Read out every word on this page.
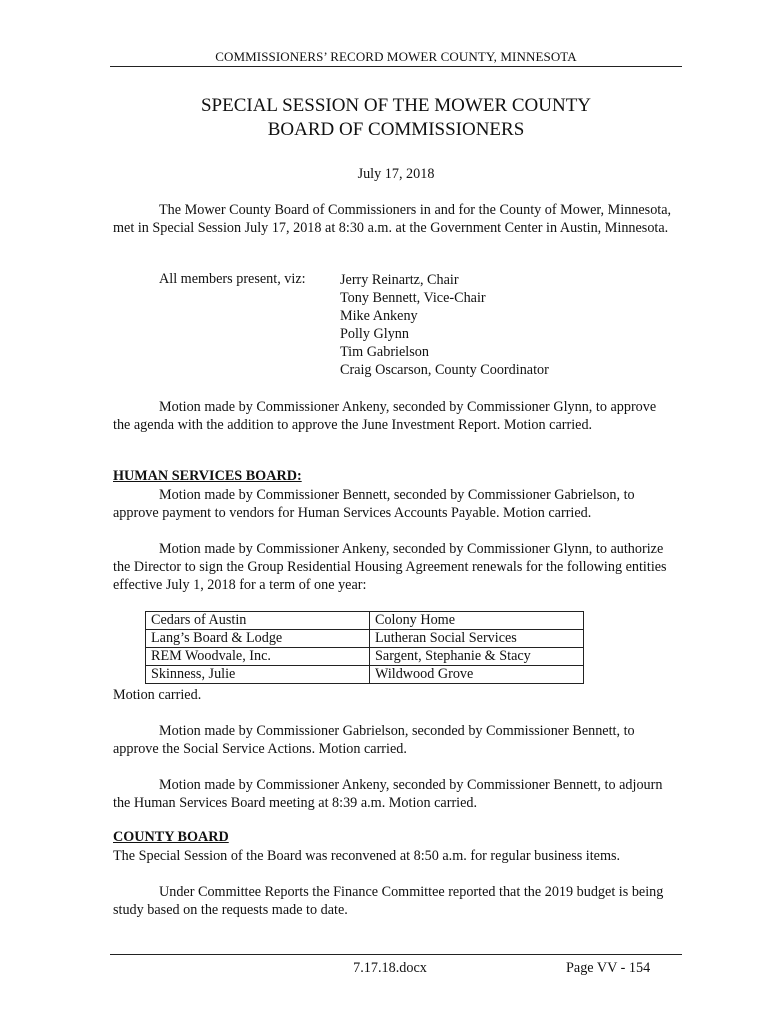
COMMISSIONERS’ RECORD MOWER COUNTY, MINNESOTA
SPECIAL SESSION OF THE MOWER COUNTY
BOARD OF COMMISSIONERS
July 17, 2018
The Mower County Board of Commissioners in and for the County of Mower, Minnesota, met in Special Session July 17, 2018 at 8:30 a.m. at the Government Center in Austin, Minnesota.
All members present, viz: Jerry Reinartz, Chair
Tony Bennett, Vice-Chair
Mike Ankeny
Polly Glynn
Tim Gabrielson
Craig Oscarson, County Coordinator
Motion made by Commissioner Ankeny, seconded by Commissioner Glynn, to approve the agenda with the addition to approve the June Investment Report. Motion carried.
HUMAN SERVICES BOARD:
Motion made by Commissioner Bennett, seconded by Commissioner Gabrielson, to approve payment to vendors for Human Services Accounts Payable. Motion carried.
Motion made by Commissioner Ankeny, seconded by Commissioner Glynn, to authorize the Director to sign the Group Residential Housing Agreement renewals for the following entities effective July 1, 2018 for a term of one year:
Cedars of Austin	Colony Home
Lang’s Board & Lodge	Lutheran Social Services
REM Woodvale, Inc.	Sargent, Stephanie & Stacy
Skinness, Julie	Wildwood Grove
Motion carried.
Motion made by Commissioner Gabrielson, seconded by Commissioner Bennett, to approve the Social Service Actions. Motion carried.
Motion made by Commissioner Ankeny, seconded by Commissioner Bennett, to adjourn the Human Services Board meeting at 8:39 a.m. Motion carried.
COUNTY BOARD
The Special Session of the Board was reconvened at 8:50 a.m. for regular business items.
Under Committee Reports the Finance Committee reported that the 2019 budget is being study based on the requests made to date.
7.17.18.docx	Page VV - 154
